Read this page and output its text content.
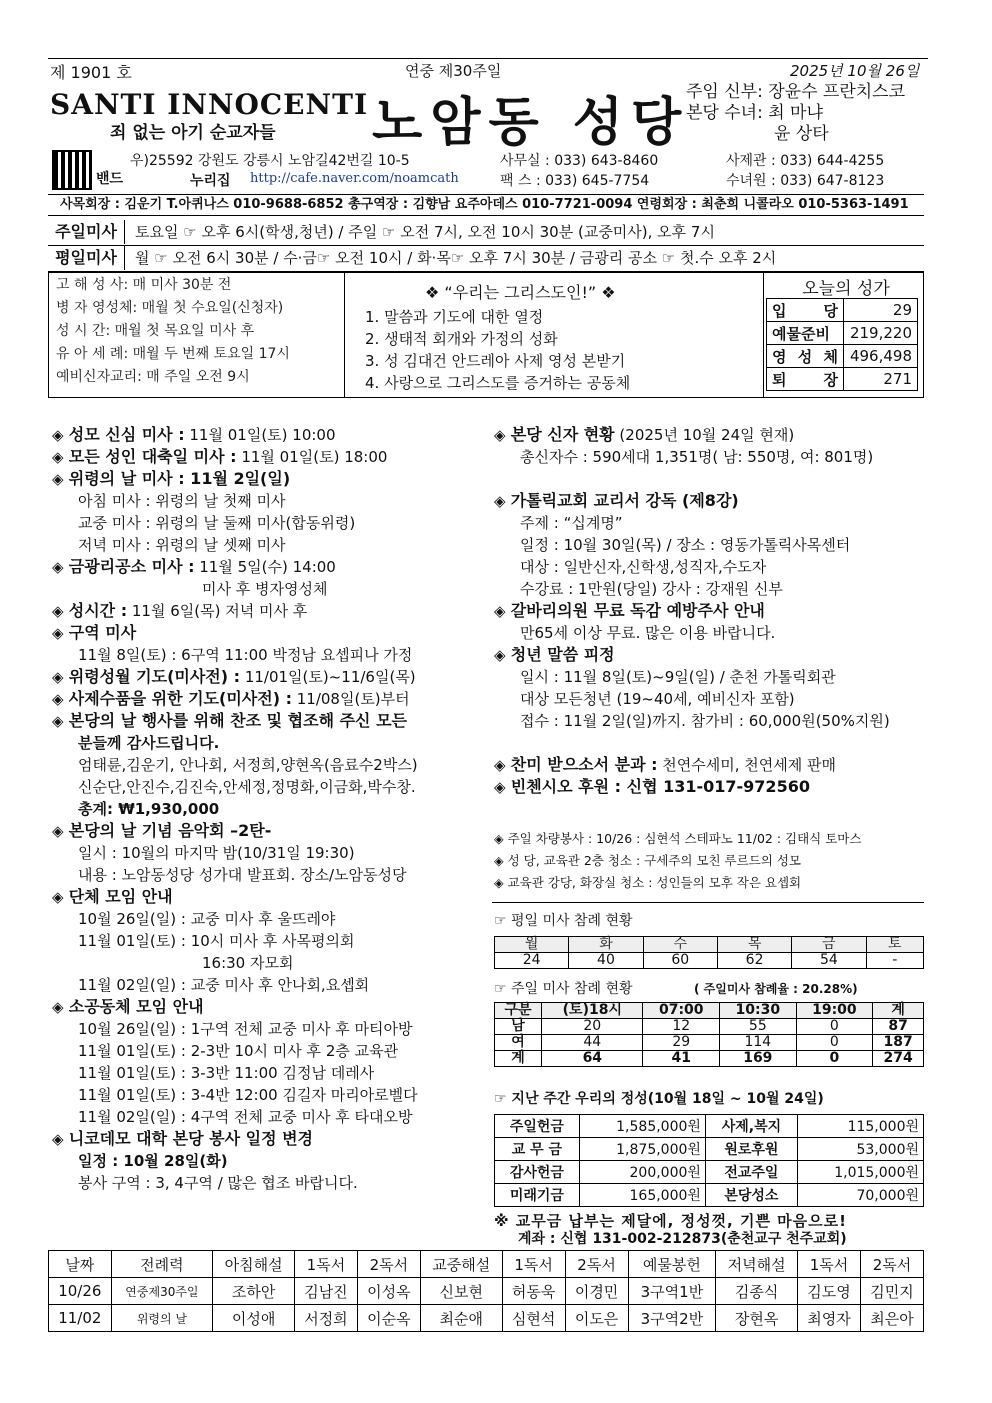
제 1901 호	연중 제30주일	2025년 10월 26일
SANTI INNOCENTI
죄 없는 아기 순교자들 노암동 성당
주임 신부: 장윤수 프란치스코
본당 수녀: 최 마냐
윤 상타
밴드
우)25592 강원도 강릉시 노암길42번길 10-5
누리집 http://cafe.naver.com/noamcath
사무실 : 033) 643-8460
팩 스 : 033) 645-7754
사제관 : 033) 644-4255
수녀원 : 033) 647-8123
사목회장 : 김운기 T.아퀴나스 010-9688-6852 총구역장 : 김향남 요주아데스 010-7721-0094 연령회장 : 최춘희 니콜라오 010-5363-1491
주일미사 토요일 ☞ 오후 6시(학생,청년) / 주일 ☞ 오전 7시, 오전 10시 30분 (교중미사), 오후 7시
평일미사 월 ☞ 오전 6시 30분 / 수·금☞ 오전 10시 / 화·목☞ 오후 7시 30분 / 금광리 공소 ☞ 첫.수 오후 2시
고 해 성 사: 매 미사 30분 전
병 자 영성체: 매월 첫 수요일(신청자)
성 시 간: 매월 첫 목요일 미사 후
유 아 세 례: 매월 두 번째 토요일 17시
예비신자교리: 매 주일 오전 9시
❖ “우리는 그리스도인!” ❖
1. 말씀과 기도에 대한 열정
2. 생태적 회개와 가정의 성화
3. 성 김대건 안드레아 사제 영성 본받기
4. 사랑으로 그리스도를 증거하는 공동체
오늘의 성가
입 당	29
예물준비	219,220
영 성 체	496,498
퇴 장	271
◈ 성모 신심 미사 : 11월 01일(토) 10:00
◈ 모든 성인 대축일 미사 : 11월 01일(토) 18:00
◈ 위령의 날 미사 : 11월 2일(일)
아침 미사 : 위령의 날 첫째 미사
교중 미사 : 위령의 날 둘째 미사(합동위령)
저녁 미사 : 위령의 날 셋째 미사
◈ 금광리공소 미사 : 11월 5일(수) 14:00
미사 후 병자영성체
◈ 성시간 : 11월 6일(목) 저녁 미사 후
◈ 구역 미사
11월 8일(토) : 6구역 11:00 박정남 요셉피나 가정
◈ 위령성월 기도(미사전) : 11/01일(토)~11/6일(목)
◈ 사제수품을 위한 기도(미사전) : 11/08일(토)부터
◈ 본당의 날 행사를 위해 찬조 및 협조해 주신 모든
분들께 감사드립니다.
엄태륜,김운기, 안나회, 서정희,양현옥(음료수2박스)
신순단,안진수,김진숙,안세정,정명화,이금화,박수창.
총계: ₩1,930,000
◈ 본당의 날 기념 음악회 –2탄-
일시 : 10월의 마지막 밤(10/31일 19:30)
내용 : 노암동성당 성가대 발표회. 장소/노암동성당
◈ 단체 모임 안내
10월 26일(일) : 교중 미사 후 울뜨레야
11월 01일(토) : 10시 미사 후 사목평의회
16:30 자모회
11월 02일(일) : 교중 미사 후 안나회,요셉회
◈ 소공동체 모임 안내
10월 26일(일) : 1구역 전체 교중 미사 후 마티아방
11월 01일(토) : 2-3반 10시 미사 후 2층 교육관
11월 01일(토) : 3-3반 11:00 김정남 데레사
11월 01일(토) : 3-4반 12:00 김길자 마리아로벨다
11월 02일(일) : 4구역 전체 교중 미사 후 타대오방
◈ 니코데모 대학 본당 봉사 일정 변경
일정 : 10월 28일(화)
봉사 구역 : 3, 4구역 / 많은 협조 바랍니다.
◈ 본당 신자 현황 (2025년 10월 24일 현재)
총신자수 : 590세대 1,351명( 남: 550명, 여: 801명)
◈ 가톨릭교회 교리서 강독 (제8강)
주제 : “십계명”
일정 : 10월 30일(목) / 장소 : 영동가톨릭사목센터
대상 : 일반신자,신학생,성직자,수도자
수강료 : 1만원(당일) 강사 : 강재원 신부
◈ 갈바리의원 무료 독감 예방주사 안내
만65세 이상 무료. 많은 이용 바랍니다.
◈ 청년 말씀 피정
일시 : 11월 8일(토)~9일(일) / 춘천 가톨릭회관
대상 모든청년 (19~40세, 예비신자 포함)
접수 : 11월 2일(일)까지. 참가비 : 60,000원(50%지원)
◈ 찬미 받으소서 분과 : 천연수세미, 천연세제 판매
◈ 빈첸시오 후원 : 신협 131-017-972560
◈ 주일 차량봉사 : 10/26 : 심현석 스테파노 11/02 : 김태식 토마스
◈ 성 당, 교육관 2층 청소 : 구세주의 모친 루르드의 성모
◈ 교육관 강당, 화장실 청소 : 성인들의 모후 작은 요셉회
☞ 평일 미사 참례 현황
월	화	수	목	금	토
24	40	60	62	54	-
☞ 주일 미사 참례 현황	( 주일미사 참례율 : 20.28%)
구분	(토)18시	07:00	10:30	19:00	계
남	20	12	55	0	87
여	44	29	114	0	187
계	64	41	169	0	274
☞ 지난 주간 우리의 정성(10월 18일 ~ 10월 24일)
주일헌금	1,585,000원	사제,복지	115,000원
교 무 금	1,875,000원	원로후원	53,000원
감사헌금	200,000원	전교주일	1,015,000원
미래기금	165,000원	본당성소	70,000원
※ 교무금 납부는 제달에, 정성껏, 기쁜 마음으로!
계좌 : 신협 131-002-212873(춘천교구 천주교회)
날짜	전례력	아침해설	1독서	2독서	교중해설	1독서	2독서	예물봉헌	저녁해설	1독서	2독서
10/26	연중제30주일	조하안	김남진	이성옥	신보현	허동욱	이경민	3구역1반	김종식	김도영	김민지
11/02	위령의 날	이성애	서정희	이순옥	최순애	심현석	이도은	3구역2반	장현옥	최영자	최은아
